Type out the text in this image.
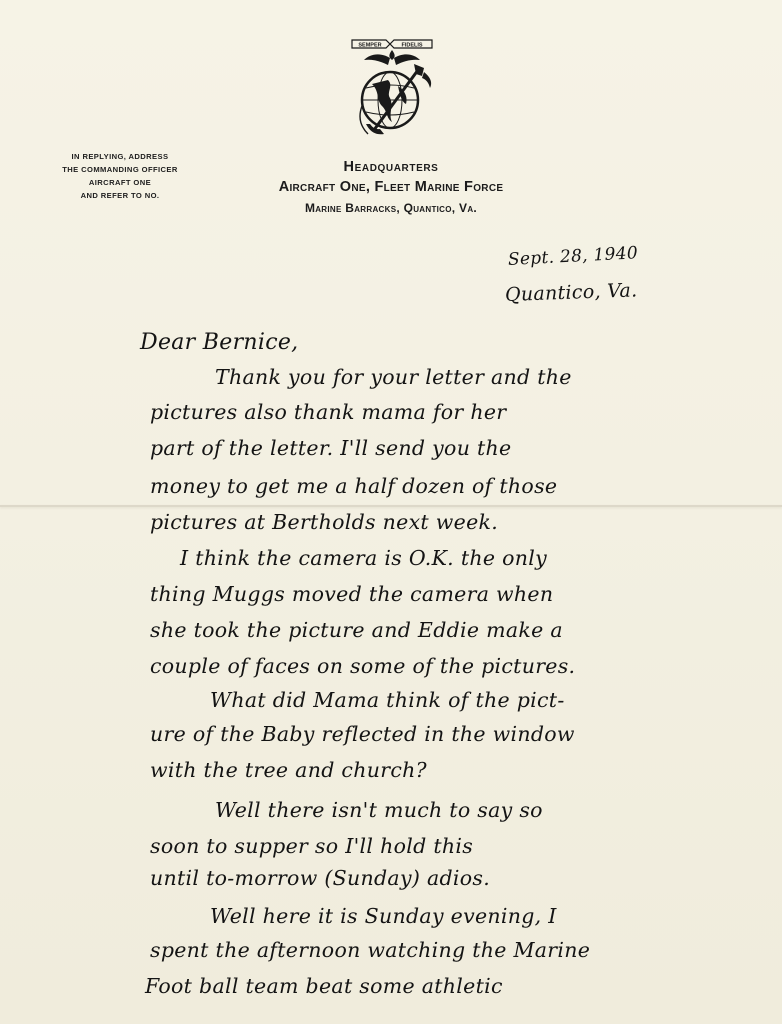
SEMPER	FIDELIS
IN REPLYING, ADDRESS
THE COMMANDING OFFICER
AIRCRAFT ONE
AND REFER TO NO.
Headquarters
Aircraft One, Fleet Marine Force
Marine Barracks, Quantico, Va.
Sept. 28, 1940
Quantico, Va.
Dear Bernice,
Thank you for your letter and the
pictures also thank mama for her
part of the letter. I'll send you the
money to get me a half dozen of those
pictures at Bertholds next week.
I think the camera is O.K. the only
thing Muggs moved the camera when
she took the picture and Eddie make a
couple of faces on some of the pictures.
What did Mama think of the pict-
ure of the Baby reflected in the window
with the tree and church?
Well there isn't much to say so
soon to supper so I'll hold this
until to-morrow (Sunday) adios.
Well here it is Sunday evening, I
spent the afternoon watching the Marine
Foot ball team beat some athletic
